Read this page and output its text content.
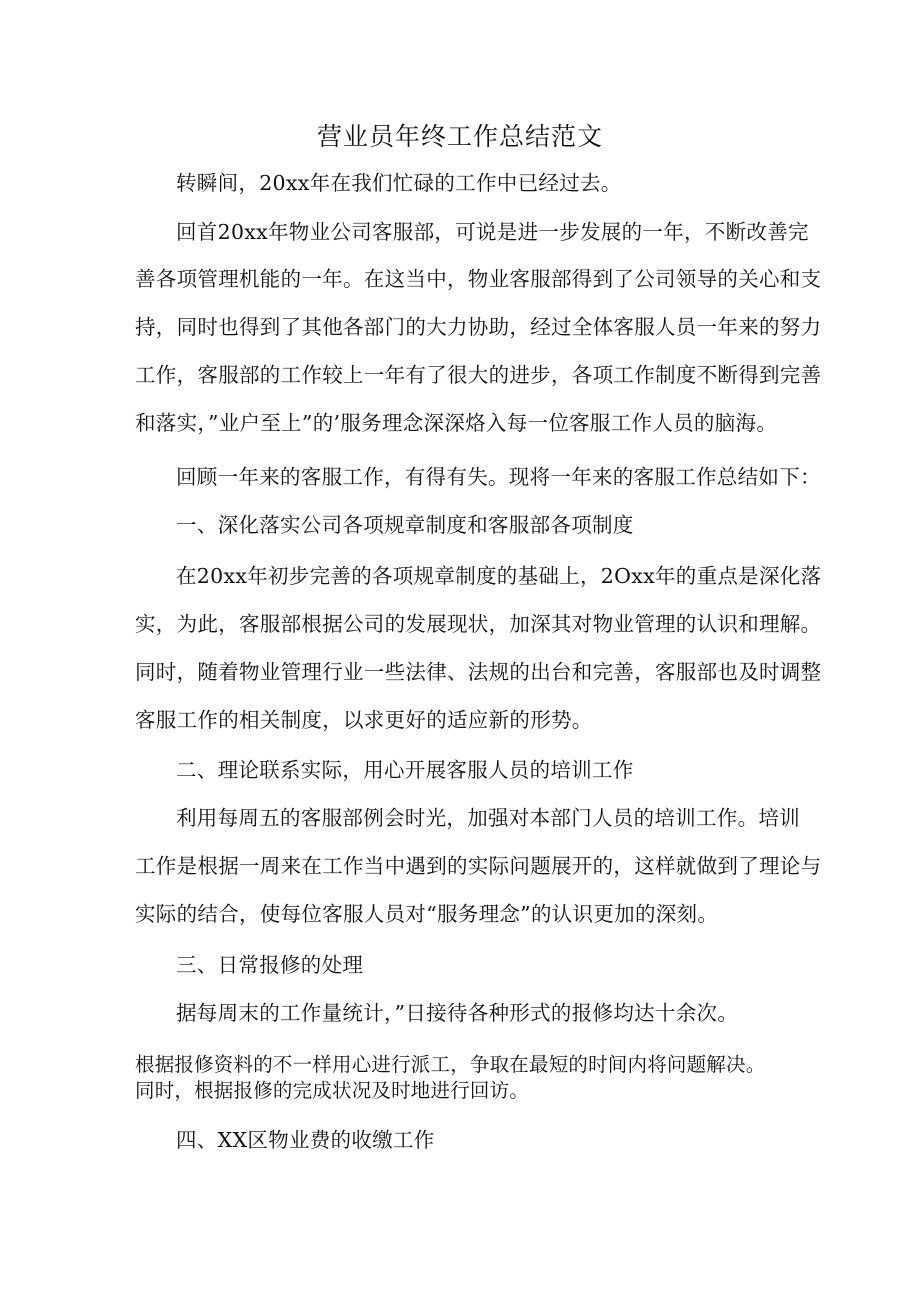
营业员年终工作总结范文
转瞬间，20xx年在我们忙碌的工作中已经过去。
回首20xx年物业公司客服部，可说是进一步发展的一年，不断改善完
善各项管理机能的一年。在这当中，物业客服部得到了公司领导的关心和支
持，同时也得到了其他各部门的大力协助，经过全体客服人员一年来的努力
工作，客服部的工作较上一年有了很大的进步，各项工作制度不断得到完善
和落实，”业户至上”的’服务理念深深烙入每一位客服工作人员的脑海。
回顾一年来的客服工作，有得有失。现将一年来的客服工作总结如下：
一、深化落实公司各项规章制度和客服部各项制度
在20xx年初步完善的各项规章制度的基础上，2Oxx年的重点是深化落
实，为此，客服部根据公司的发展现状，加深其对物业管理的认识和理解。
同时，随着物业管理行业一些法律、法规的出台和完善，客服部也及时调整
客服工作的相关制度，以求更好的适应新的形势。
二、理论联系实际，用心开展客服人员的培训工作
利用每周五的客服部例会时光，加强对本部门人员的培训工作。培训
工作是根据一周来在工作当中遇到的实际问题展开的，这样就做到了理论与
实际的结合，使每位客服人员对“服务理念”的认识更加的深刻。
三、日常报修的处理
据每周末的工作量统计，”日接待各种形式的报修均达十余次。
根据报修资料的不一样用心进行派工，争取在最短的时间内将问题解决。
同时，根据报修的完成状况及时地进行回访。
四、XX区物业费的收缴工作
